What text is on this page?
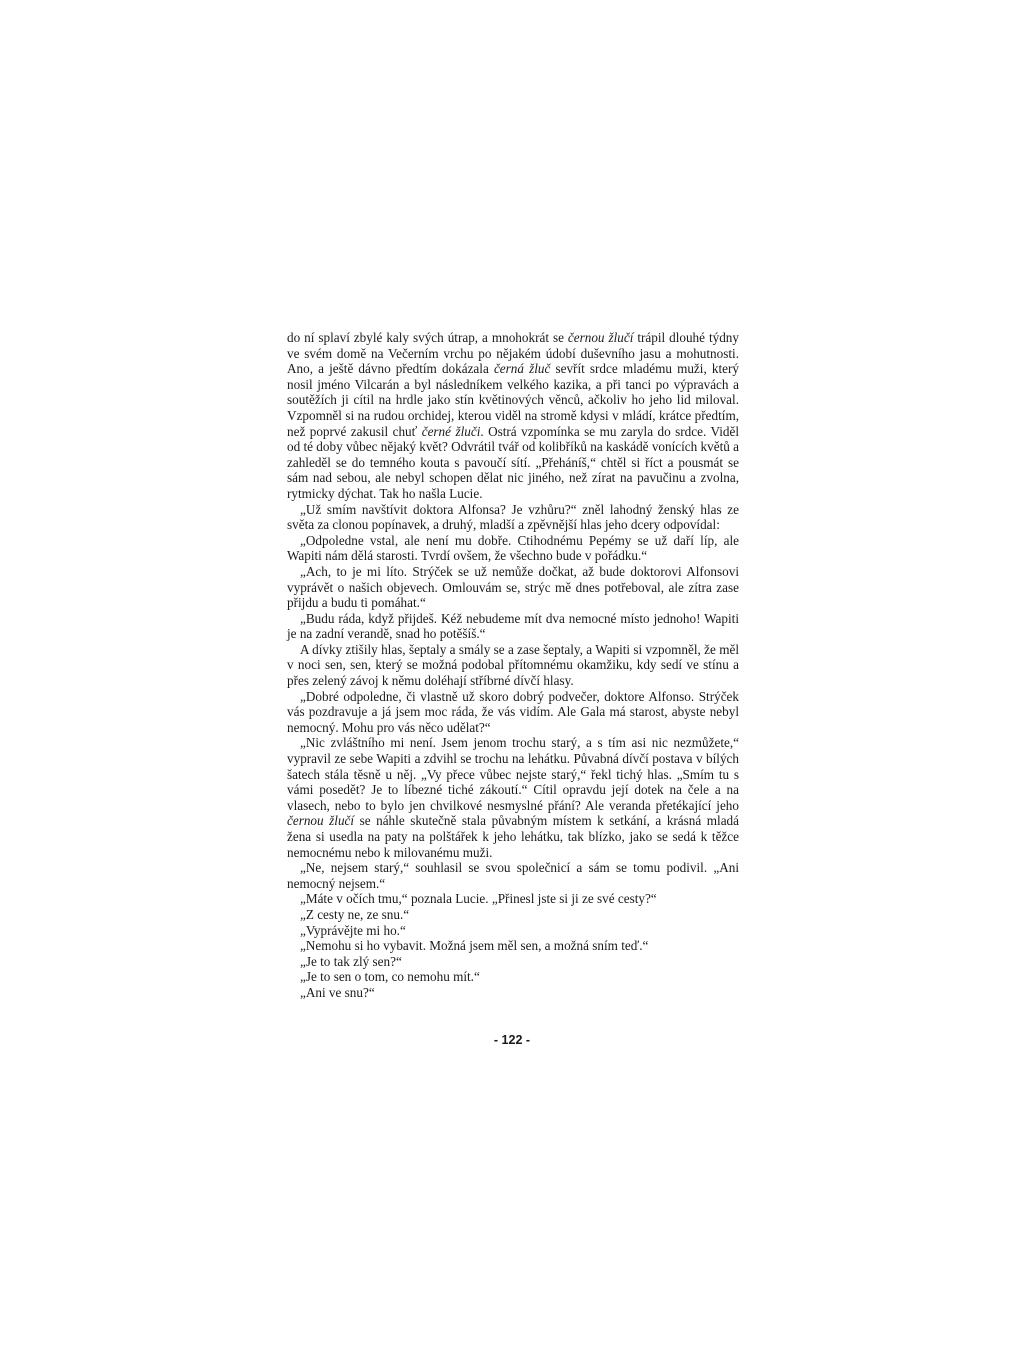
do ní splaví zbylé kaly svých útrap, a mnohokrát se černou žlučí trápil dlouhé týdny ve svém domě na Večerním vrchu po nějakém údobí duševního jasu a mohutnosti. Ano, a ještě dávno předtím dokázala černá žluč sevřít srdce mladému muži, který nosil jméno Vilcarán a byl následníkem velkého kazika, a při tanci po výpravách a soutěžích ji cítil na hrdle jako stín květinových věnců, ačkoliv ho jeho lid miloval. Vzpomněl si na rudou orchidej, kterou viděl na stromě kdysi v mládí, krátce předtím, než poprvé zakusil chuť černé žluči. Ostrá vzpomínka se mu zaryla do srdce. Viděl od té doby vůbec nějaký květ? Odvrátil tvář od kolibříků na kaskádě vonících květů a zahleděl se do temného kouta s pavoučí sítí. „Přeháníš,“ chtěl si říct a pousmát se sám nad sebou, ale nebyl schopen dělat nic jiného, než zírat na pavučinu a zvolna, rytmicky dýchat. Tak ho našla Lucie.

„Už smím navštívit doktora Alfonsa? Je vzhůru?“ zněl lahodný ženský hlas ze světa za clonou popínavek, a druhý, mladší a zpěvnější hlas jeho dcery odpovídal:

„Odpoledne vstal, ale není mu dobře. Ctihodnému Pepémy se už daří líp, ale Wapiti nám dělá starosti. Tvrdí ovšem, že všechno bude v pořádku.“

„Ach, to je mi líto. Strýček se už nemůže dočkat, až bude doktorovi Alfonsovi vyprávět o našich objevech. Omlouvám se, strýc mě dnes potřeboval, ale zítra zase přijdu a budu ti pomáhat.“

„Budu ráda, když přijdeš. Kéž nebudeme mít dva nemocné místo jednoho! Wapiti je na zadní verandě, snad ho potěšíš.“

A dívky ztišily hlas, šeptaly a smály se a zase šeptaly, a Wapiti si vzpomněl, že měl v noci sen, sen, který se možná podobal přítomnému okamžiku, kdy sedí ve stínu a přes zelený závoj k němu doléhají stříbrné dívčí hlasy.

„Dobré odpoledne, či vlastně už skoro dobrý podvečer, doktore Alfonso. Strýček vás pozdravuje a já jsem moc ráda, že vás vidím. Ale Gala má starost, abyste nebyl nemocný. Mohu pro vás něco udělat?“

„Nic zvláštního mi není. Jsem jenom trochu starý, a s tím asi nic nezmůžete,“ vypravil ze sebe Wapiti a zdvihl se trochu na lehátku. Půvabná dívčí postava v bílých šatech stála těsně u něj. „Vy přece vůbec nejste starý,“ řekl tichý hlas. „Smím tu s vámi posedět? Je to líbezné tiché zákoutí.“ Cítil opravdu její dotek na čele a na vlasech, nebo to bylo jen chvilkové nesmyslné přání? Ale veranda přetékající jeho černou žlučí se náhle skutečně stala půvabným místem k setkání, a krásná mladá žena si usedla na paty na polštářek k jeho lehátku, tak blízko, jako se sedá k těžce nemocnému nebo k milovanému muži.

„Ne, nejsem starý,“ souhlasil se svou společnicí a sám se tomu podivil. „Ani nemocný nejsem.“

„Máte v očích tmu,“ poznala Lucie. „Přinesl jste si ji ze své cesty?“

„Z cesty ne, ze snu.“

„Vyprávějte mi ho.“

„Nemohu si ho vybavit. Možná jsem měl sen, a možná sním teď.“

„Je to tak zlý sen?“

„Je to sen o tom, co nemohu mít.“

„Ani ve snu?“

- 122 -
